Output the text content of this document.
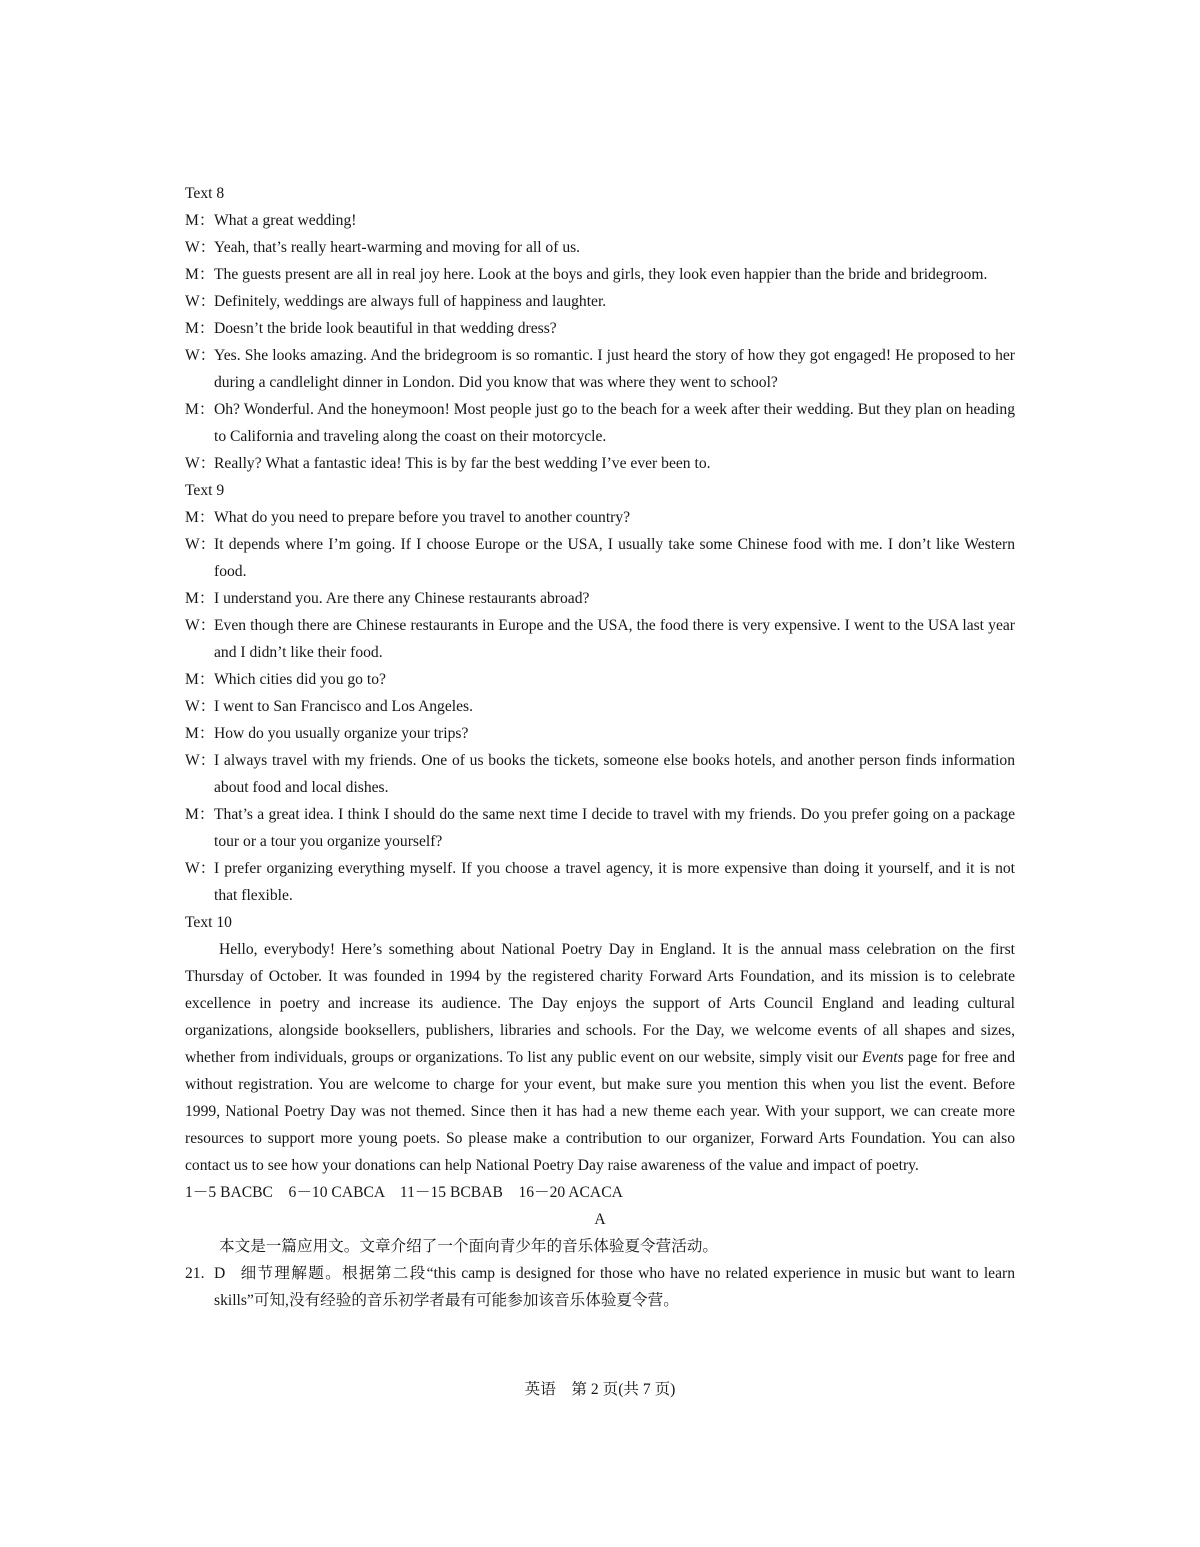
Text 8

M： What a great wedding!
W：
Yeah, that’s really heart-warming and moving for all of us.
M： The guests present are all in real joy here. Look at the boys and girls, they look even happier than the bride and bridegroom.
W：
Definitely, weddings are always full of happiness and laughter.
M： Doesn’t the bride look beautiful in that wedding dress?
W：
Yes. She looks amazing. And the bridegroom is so romantic. I just heard the story of how they got engaged! He proposed to her during a candlelight dinner in London. Did you know that was where they went to school?
M： Oh? Wonderful. And the honeymoon! Most people just go to the beach for a week after their wedding. But they plan on heading to California and traveling along the coast on their motorcycle.
W：
Really? What a fantastic idea! This is by far the best wedding I’ve ever been to.

Text 9

M： What do you need to prepare before you travel to another country?
W：
It depends where I’m going. If I choose Europe or the USA, I usually take some Chinese food with me. I don’t like Western food.
M： I understand you. Are there any Chinese restaurants abroad?
W：
Even though there are Chinese restaurants in Europe and the USA, the food there is very expensive. I went to the USA last year and I didn’t like their food.
M： Which cities did you go to?
W：
I went to San Francisco and Los Angeles.
M： How do you usually organize your trips?
W：
I always travel with my friends. One of us books the tickets, someone else books hotels, and another person finds information about food and local dishes.
M： That’s a great idea. I think I should do the same next time I decide to travel with my friends. Do you prefer going on a package tour or a tour you organize yourself?
W：
I prefer organizing everything myself. If you choose a travel agency, it is more expensive than doing it yourself, and it is not that flexible.

Text 10

Hello, everybody! Here’s something about National Poetry Day in England. It is the annual mass celebration on the first Thursday of October. It was founded in 1994 by the registered charity Forward Arts Foundation, and its mission is to celebrate excellence in poetry and increase its audience. The Day enjoys the support of Arts Council England and leading cultural organizations, alongside booksellers, publishers, libraries and schools. For the Day, we welcome events of all shapes and sizes, whether from individuals, groups or organizations. To list any public event on our website, simply visit our Events page for free and without registration. You are welcome to charge for your event, but make sure you mention this when you list the event. Before 1999, National Poetry Day was not themed. Since then it has had a new theme each year. With your support, we can create more resources to support more young poets. So please make a contribution to our organizer, Forward Arts Foundation. You can also contact us to see how your donations can help National Poetry Day raise awareness of the value and impact of poetry.

1－5 BACBC    6－10 CABCA    11－15 BCBAB    16－20 ACACA

A

本文是一篇应用文。文章介绍了一个面向青少年的音乐体验夏令营活动。

21. D 细节理解题。根据第二段“this camp is designed for those who have no related experience in music but want to learn skills”可知,没有经验的音乐初学者最有可能参加该音乐体验夏令营。
英语　第 2 页(共 7 页)
